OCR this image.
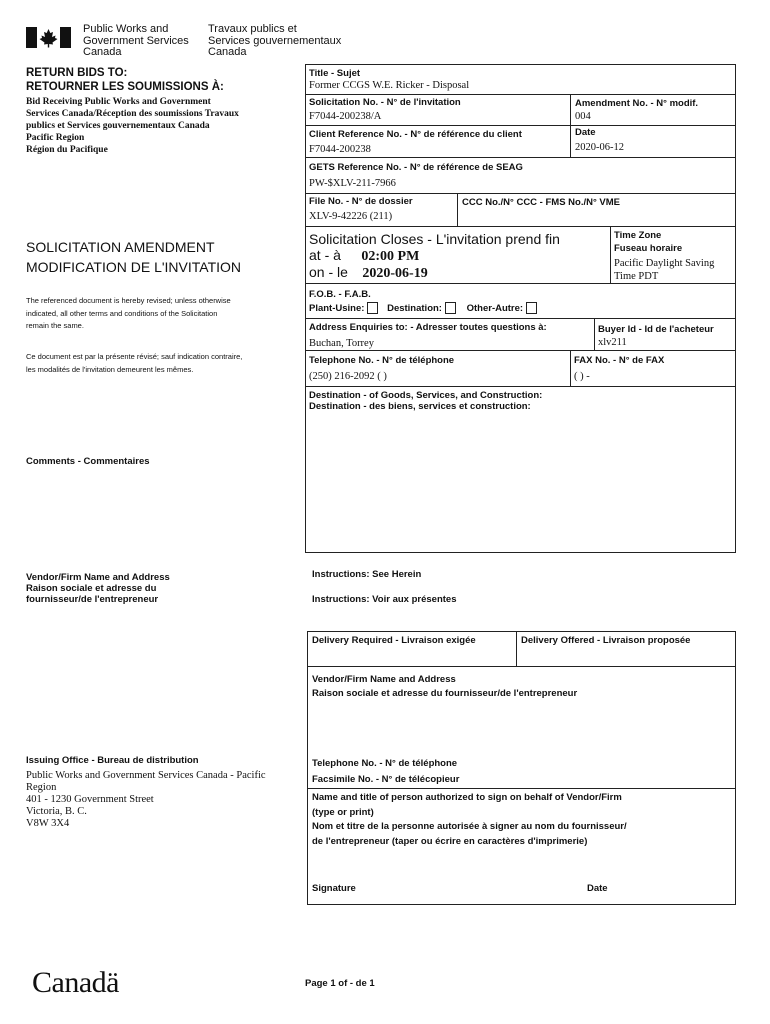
Public Works and
Government Services
Canada
Travaux publics et
Services gouvernementaux
Canada
RETURN BIDS TO:
RETOURNER LES SOUMISSIONS À:
Bid Receiving Public Works and Government
Services Canada/Réception des soumissions Travaux
publics et Services gouvernementaux Canada
Pacific Region
Région du Pacifique
SOLICITATION AMENDMENT
MODIFICATION DE L'INVITATION
The referenced document is hereby revised; unless otherwise
indicated, all other terms and conditions of the Solicitation
remain the same.
Ce document est par la présente révisé; sauf indication contraire,
les modalités de l'invitation demeurent les mêmes.
Comments - Commentaires
Vendor/Firm Name and Address
Raison sociale et adresse du
fournisseur/de l'entrepreneur
Issuing Office - Bureau de distribution
Public Works and Government Services Canada - Pacific
Region
401 - 1230 Government Street
Victoria, B. C.
V8W 3X4
Title - Sujet
Former CCGS W.E. Ricker - Disposal
Solicitation No. - N° de l'invitation
F7044-200238/A
Amendment No. - N° modif.
004
Client Reference No. - N° de référence du client
F7044-200238
Date
2020-06-12
GETS Reference No. - N° de référence de SEAG
PW-$XLV-211-7966
File No. - N° de dossier
XLV-9-42226 (211)
CCC No./N° CCC - FMS No./N° VME
Solicitation Closes - L'invitation prend fin
at - à 02:00 PM
on - le 2020-06-19
Time Zone
Fuseau horaire
Pacific Daylight Saving
Time PDT
F.O.B. - F.A.B.
Plant-Usine: Destination:	Other-Autre:
Address Enquiries to: - Adresser toutes questions à:
Buchan, Torrey
Buyer Id - Id de l'acheteur
xlv211
Telephone No. - N° de téléphone
(250) 216-2092 ( )
FAX No. - N° de FAX
( ) -
Destination - of Goods, Services, and Construction:
Destination - des biens, services et construction:
Instructions: See Herein
Instructions: Voir aux présentes
Delivery Required - Livraison exigée	Delivery Offered - Livraison proposée
Vendor/Firm Name and Address
Raison sociale et adresse du fournisseur/de l'entrepreneur
Telephone No. - N° de téléphone
Facsimile No. - N° de télécopieur
Name and title of person authorized to sign on behalf of Vendor/Firm
(type or print)
Nom et titre de la personne autorisée à signer au nom du fournisseur/
de l'entrepreneur (taper ou écrire en caractères d'imprimerie)
Signature	Date
Canadä	Page 1 of - de 1
